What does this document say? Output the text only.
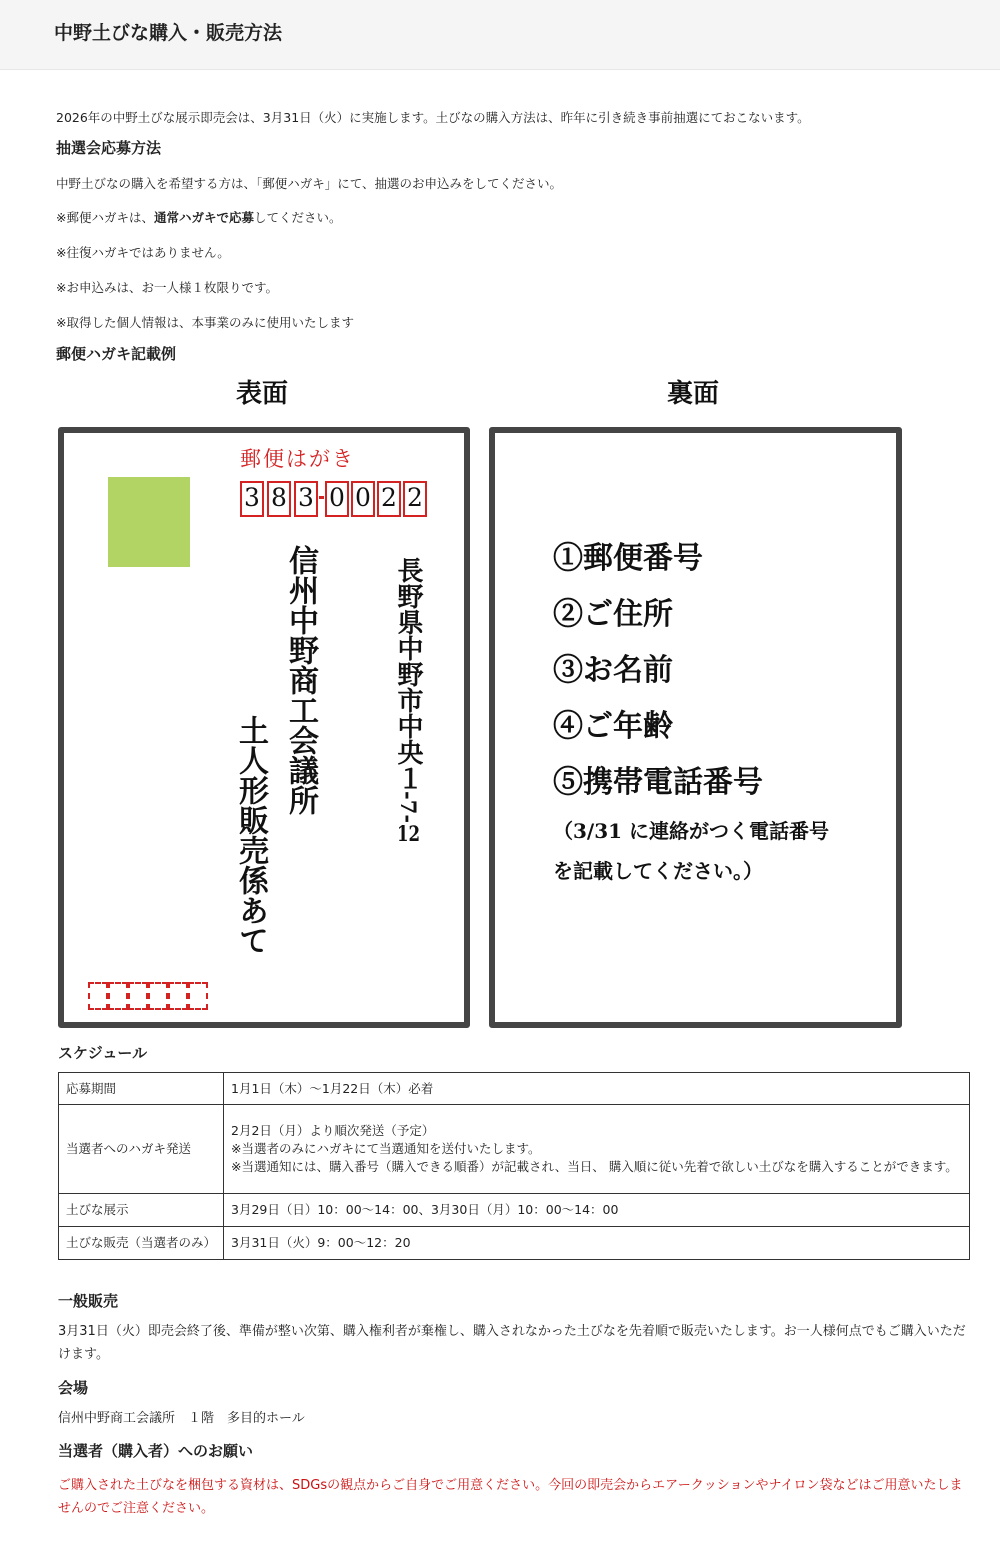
中野土びな購入・販売方法
2026年の中野土びな展示即売会は、3月31日（火）に実施します。土びなの購入方法は、昨年に引き続き事前抽選にておこないます。
抽選会応募方法
中野土びなの購入を希望する方は、「郵便ハガキ」にて、抽選のお申込みをしてください。
※郵便ハガキは、通常ハガキで応募してください。
※往復ハガキではありません。
※お申込みは、お一人様１枚限りです。
※取得した個人情報は、本事業のみに使用いたします
郵便ハガキ記載例
表面	裏面
郵便はがき
3 8 3 0 0 2 2
長野県中野市中央１-7-12
信州中野商工会議所
土人形販売係
あて
①郵便番号
②ご住所
③お名前
④ご年齢
⑤携帯電話番号
（3/31 に連絡がつく電話番号
を記載してください。）
スケジュール
応募期間	1月1日（木）～1月22日（木）必着

当選者へのハガキ発送	2月2日（月）より順次発送（予定）
※当選者のみにハガキにて当選通知を送付いたします。
※当選通知には、購入番号（購入できる順番）が記載され、当日、 購入順に従い先着で欲しい土びなを購入することができます。

土びな展示	3月29日（日）10：00～14：00、3月30日（月）10：00～14：00

土びな販売（当選者のみ）	3月31日（火）9：00～12：20
一般販売
3月31日（火）即売会終了後、準備が整い次第、購入権利者が棄権し、購入されなかった土びなを先着順で販売いたします。お一人様何点でもご購入いただけます。
会場
信州中野商工会議所　１階　多目的ホール
当選者（購入者）へのお願い
ご購入された土びなを梱包する資材は、SDGsの観点からご自身でご用意ください。今回の即売会からエアークッションやナイロン袋などはご用意いたしませんのでご注意ください。
